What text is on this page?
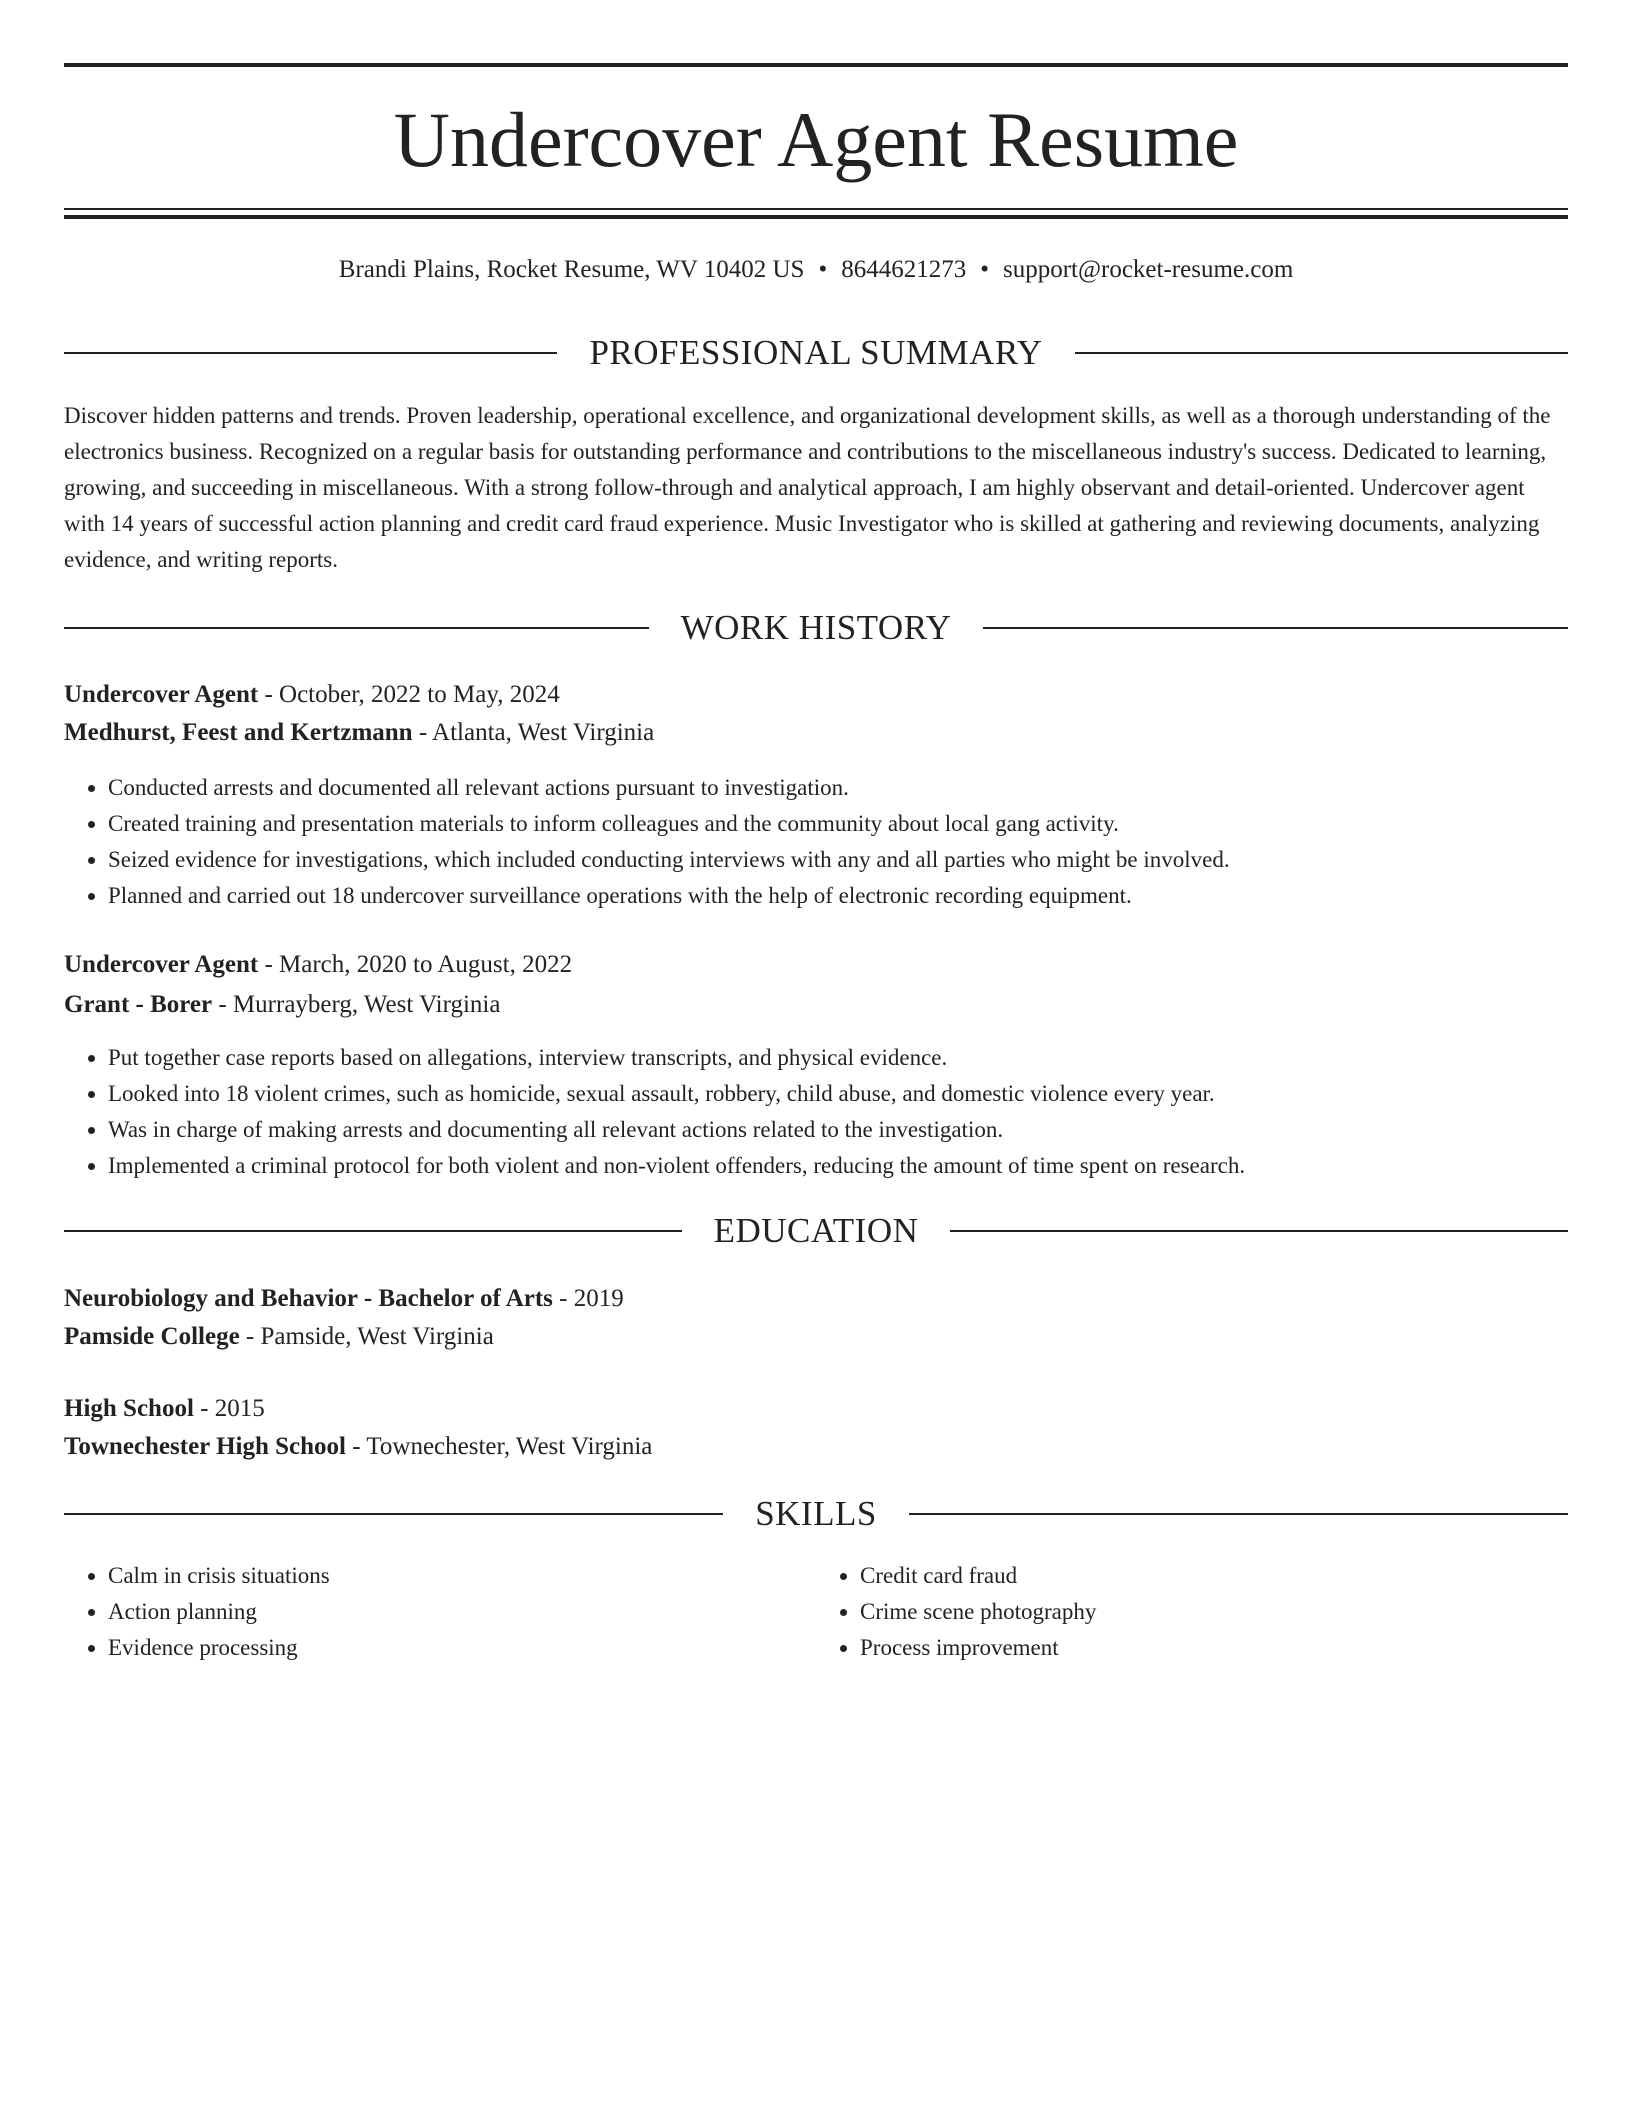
Undercover Agent Resume
Brandi Plains, Rocket Resume, WV 10402 US • 8644621273 • support@rocket-resume.com
PROFESSIONAL SUMMARY

Discover hidden patterns and trends. Proven leadership, operational excellence, and organizational development skills, as well as a thorough understanding of the electronics business. Recognized on a regular basis for outstanding performance and contributions to the miscellaneous industry's success. Dedicated to learning, growing, and succeeding in miscellaneous. With a strong follow-through and analytical approach, I am highly observant and detail-oriented. Undercover agent with 14 years of successful action planning and credit card fraud experience. Music Investigator who is skilled at gathering and reviewing documents, analyzing evidence, and writing reports.

WORK HISTORY
Undercover Agent - October, 2022 to May, 2024
Medhurst, Feest and Kertzmann - Atlanta, West Virginia
• Conducted arrests and documented all relevant actions pursuant to investigation.
• Created training and presentation materials to inform colleagues and the community about local gang activity.
• Seized evidence for investigations, which included conducting interviews with any and all parties who might be involved.
• Planned and carried out 18 undercover surveillance operations with the help of electronic recording equipment.
Undercover Agent - March, 2020 to August, 2022
Grant - Borer - Murrayberg, West Virginia
• Put together case reports based on allegations, interview transcripts, and physical evidence.
• Looked into 18 violent crimes, such as homicide, sexual assault, robbery, child abuse, and domestic violence every year.
• Was in charge of making arrests and documenting all relevant actions related to the investigation.
• Implemented a criminal protocol for both violent and non-violent offenders, reducing the amount of time spent on research.
EDUCATION
Neurobiology and Behavior - Bachelor of Arts - 2019
Pamside College - Pamside, West Virginia
High School - 2015
Townechester High School - Townechester, West Virginia
SKILLS
• Calm in crisis situations
• Action planning
• Evidence processing
• Credit card fraud
• Crime scene photography
• Process improvement
